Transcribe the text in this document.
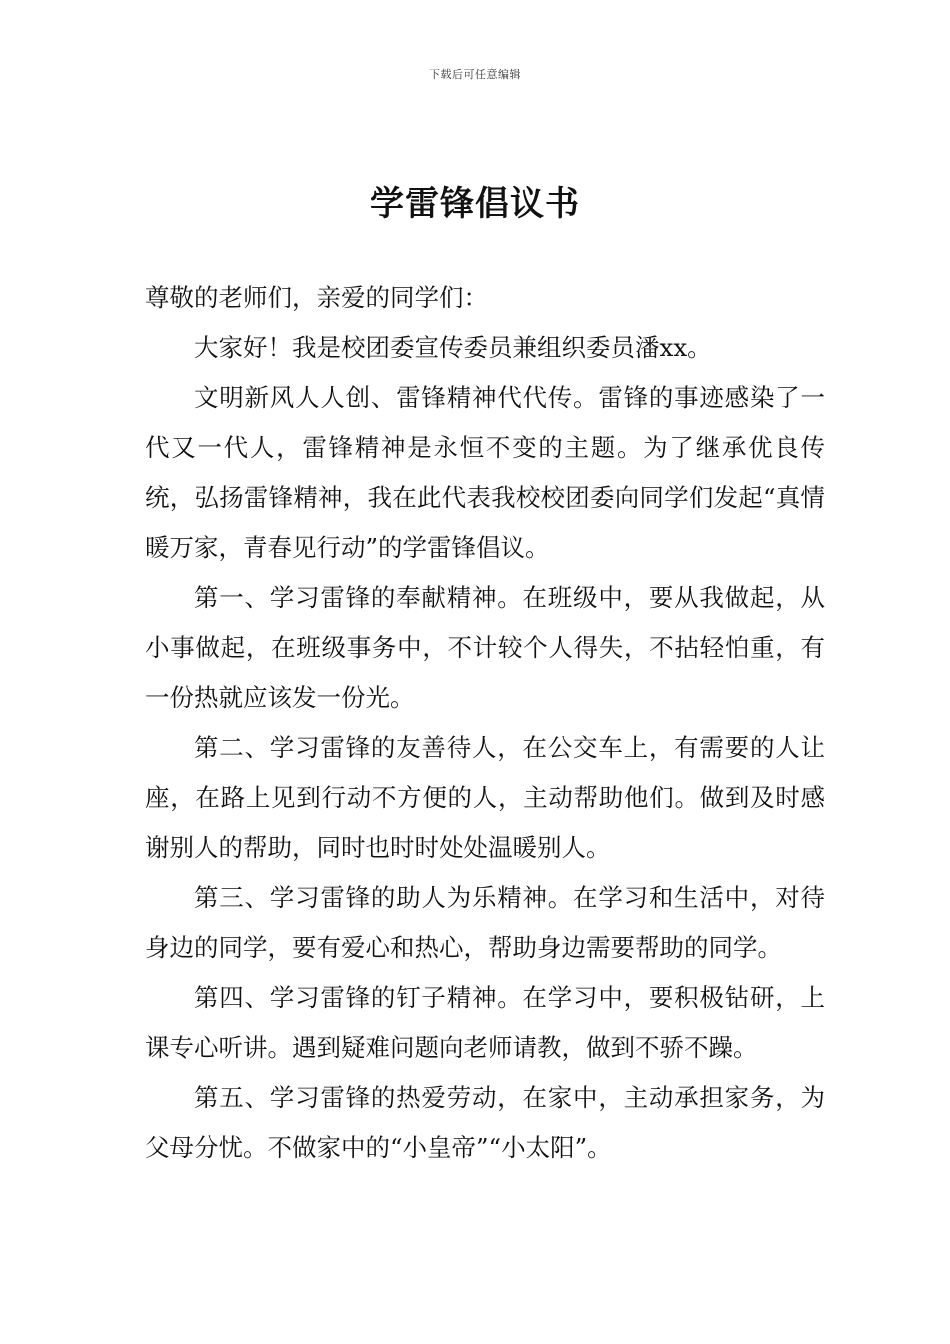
下载后可任意编辑
学雷锋倡议书

尊敬的老师们，亲爱的同学们：

大家好！我是校团委宣传委员兼组织委员潘xx。

文明新风人人创、雷锋精神代代传。雷锋的事迹感染了一代又一代人，雷锋精神是永恒不变的主题。为了继承优良传统，弘扬雷锋精神，我在此代表我校校团委向同学们发起“真情暖万家，青春见行动”的学雷锋倡议。

第一、学习雷锋的奉献精神。在班级中，要从我做起，从小事做起，在班级事务中，不计较个人得失，不拈轻怕重，有一份热就应该发一份光。

第二、学习雷锋的友善待人，在公交车上，有需要的人让座，在路上见到行动不方便的人，主动帮助他们。做到及时感谢别人的帮助，同时也时时处处温暖别人。

第三、学习雷锋的助人为乐精神。在学习和生活中，对待身边的同学，要有爱心和热心，帮助身边需要帮助的同学。

第四、学习雷锋的钉子精神。在学习中，要积极钻研，上课专心听讲。遇到疑难问题向老师请教，做到不骄不躁。

第五、学习雷锋的热爱劳动，在家中，主动承担家务，为父母分忧。不做家中的“小皇帝”“小太阳”。
